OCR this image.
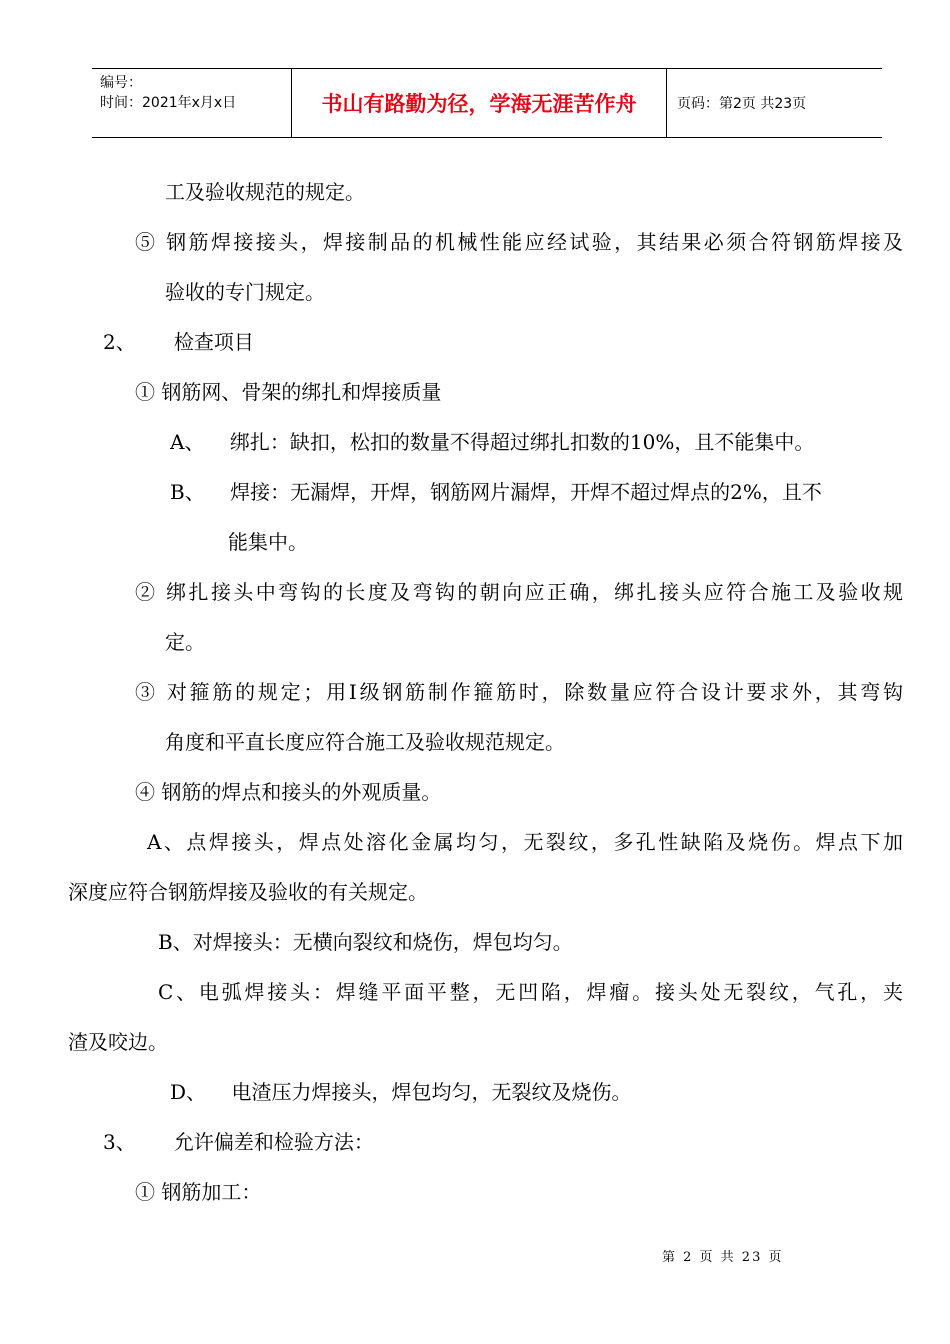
编号：
时间：2021年x月x日	书山有路勤为径，学海无涯苦作舟	页码：第2页 共23页
工及验收规范的规定。
⑤ 钢筋焊接接头，焊接制品的机械性能应经试验，其结果必须合符钢筋焊接及
验收的专门规定。
2、      检查项目
① 钢筋网、骨架的绑扎和焊接质量
A、    绑扎：缺扣，松扣的数量不得超过绑扎扣数的10%，且不能集中。
B、    焊接：无漏焊，开焊，钢筋网片漏焊，开焊不超过焊点的2%，且不
能集中。
② 绑扎接头中弯钩的长度及弯钩的朝向应正确，绑扎接头应符合施工及验收规
定。
③ 对箍筋的规定；用Ⅰ级钢筋制作箍筋时，除数量应符合设计要求外，其弯钩
角度和平直长度应符合施工及验收规范规定。
④ 钢筋的焊点和接头的外观质量。
A、点焊接头，焊点处溶化金属均匀，无裂纹，多孔性缺陷及烧伤。焊点下加
深度应符合钢筋焊接及验收的有关规定。
B、对焊接头：无横向裂纹和烧伤，焊包均匀。
C、电弧焊接头：焊缝平面平整，无凹陷，焊瘤。接头处无裂纹，气孔，夹
渣及咬边。
D、    电渣压力焊接头，焊包均匀，无裂纹及烧伤。
3、      允许偏差和检验方法：
① 钢筋加工：
第 2 页 共 23 页
